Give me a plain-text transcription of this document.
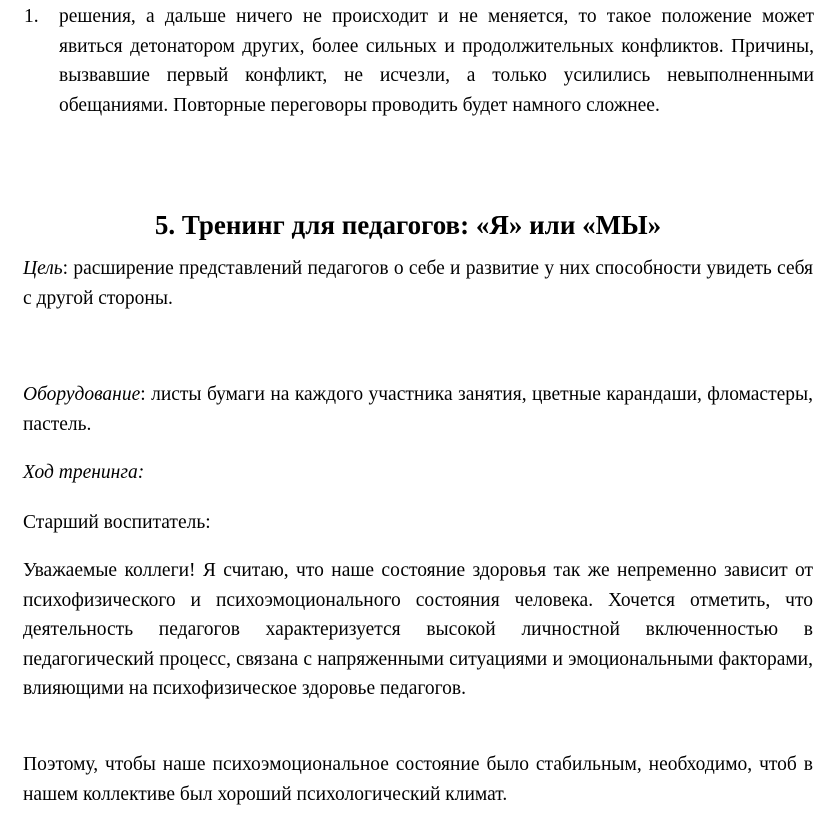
1. решения, а дальше ничего не происходит и не меняется, то такое положение может явиться детонатором других, более сильных и продолжительных конфликтов. Причины, вызвавшие первый конфликт, не исчезли, а только усилились невыполненными обещаниями. Повторные переговоры проводить будет намного сложнее.
5. Тренинг для педагогов: «Я» или «МЫ»

Цель: расширение представлений педагогов о себе и развитие у них способности увидеть себя с другой стороны.

Оборудование: листы бумаги на каждого участника занятия, цветные карандаши, фломастеры, пастель.

Ход тренинга:

Старший воспитатель:

Уважаемые коллеги! Я считаю, что наше состояние здоровья так же непременно зависит от психофизического и психоэмоционального состояния человека. Хочется отметить, что деятельность педагогов характеризуется высокой личностной включенностью в педагогический процесс, связана с напряженными ситуациями и эмоциональными факторами, влияющими на психофизическое здоровье педагогов.

Поэтому, чтобы наше психоэмоциональное состояние было стабильным, необходимо, чтоб в нашем коллективе был хороший психологический климат.
